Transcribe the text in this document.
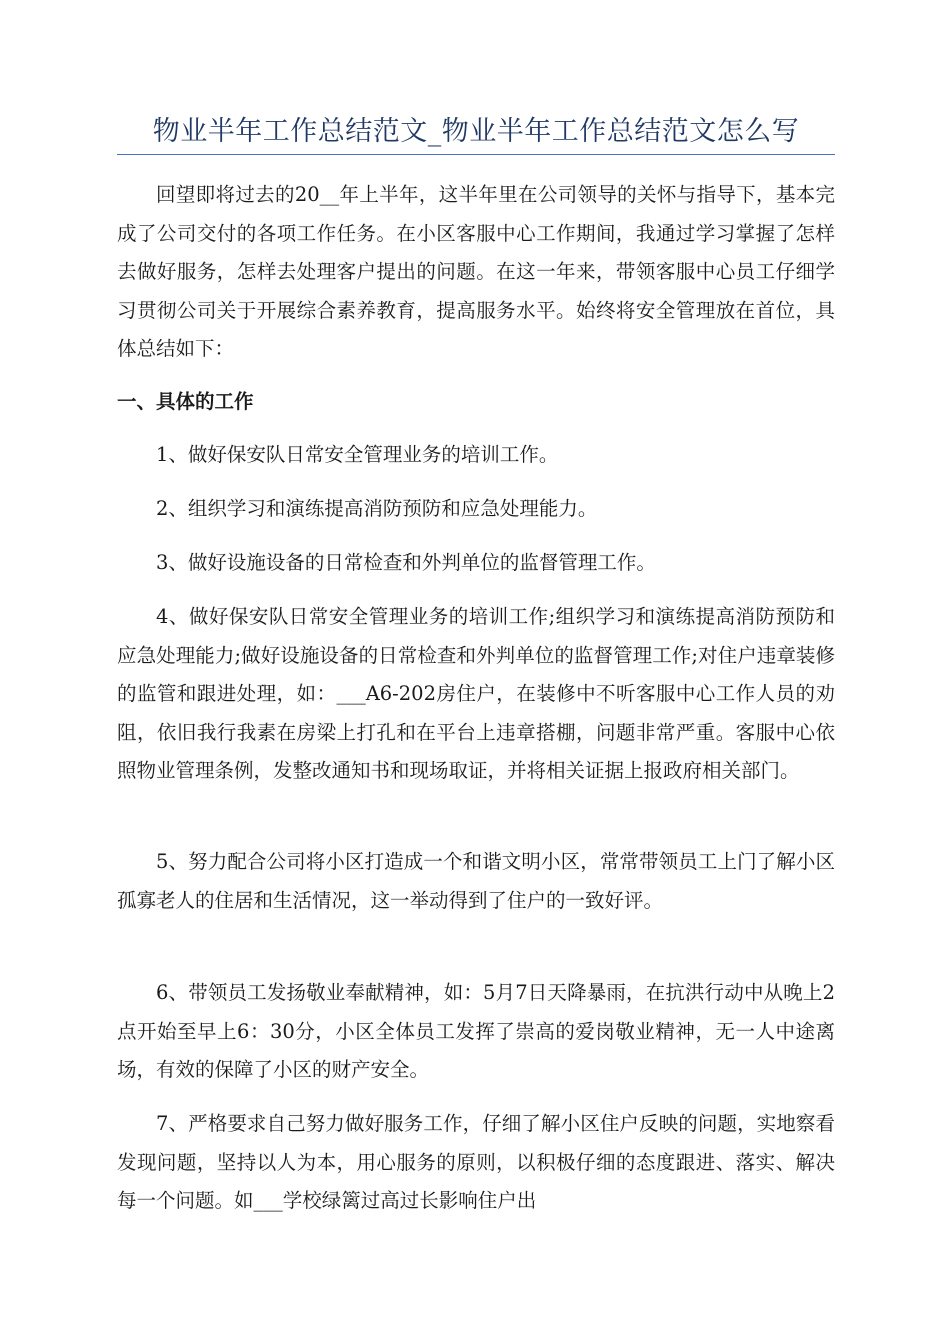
物业半年工作总结范文_物业半年工作总结范文怎么写

回望即将过去的20__年上半年，这半年里在公司领导的关怀与指导下，基本完成了公司交付的各项工作任务。在小区客服中心工作期间，我通过学习掌握了怎样去做好服务，怎样去处理客户提出的问题。在这一年来，带领客服中心员工仔细学习贯彻公司关于开展综合素养教育，提高服务水平。始终将安全管理放在首位，具体总结如下：

一、具体的工作

1、做好保安队日常安全管理业务的培训工作。

2、组织学习和演练提高消防预防和应急处理能力。

3、做好设施设备的日常检查和外判单位的监督管理工作。

4、做好保安队日常安全管理业务的培训工作;组织学习和演练提高消防预防和应急处理能力;做好设施设备的日常检查和外判单位的监督管理工作;对住户违章装修的监管和跟进处理，如：___A6-202房住户，在装修中不听客服中心工作人员的劝阻，依旧我行我素在房梁上打孔和在平台上违章搭棚，问题非常严重。客服中心依照物业管理条例，发整改通知书和现场取证，并将相关证据上报政府相关部门。

5、努力配合公司将小区打造成一个和谐文明小区，常常带领员工上门了解小区孤寡老人的住居和生活情况，这一举动得到了住户的一致好评。

6、带领员工发扬敬业奉献精神，如：5月7日天降暴雨，在抗洪行动中从晚上2点开始至早上6：30分，小区全体员工发挥了崇高的爱岗敬业精神，无一人中途离场，有效的保障了小区的财产安全。

7、严格要求自己努力做好服务工作，仔细了解小区住户反映的问题，实地察看发现问题，坚持以人为本，用心服务的原则，以积极仔细的态度跟进、落实、解决每一个问题。如___学校绿篱过高过长影响住户出
